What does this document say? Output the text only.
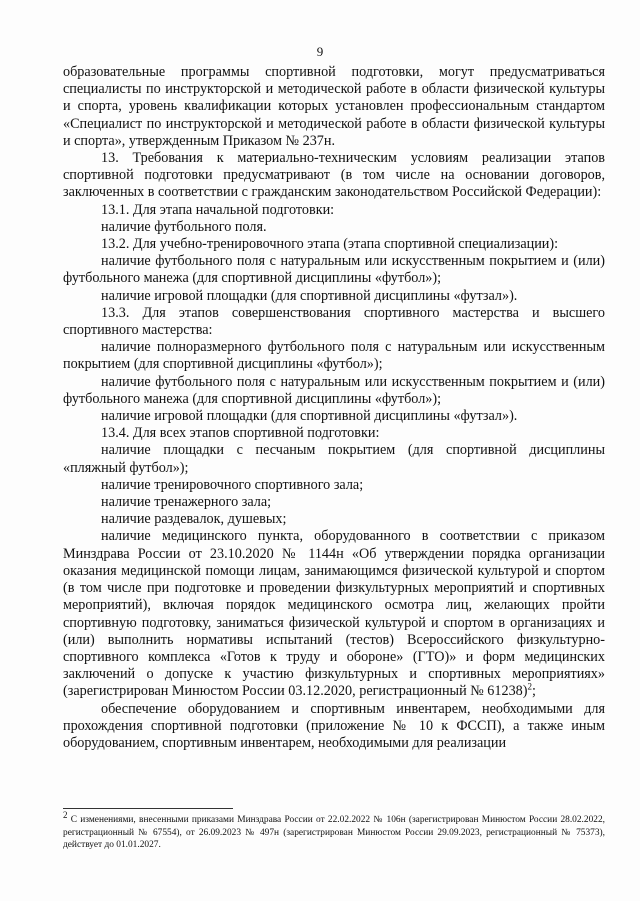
9

образовательные программы спортивной подготовки, могут предусматриваться специалисты по инструкторской и методической работе в области физической культуры и спорта, уровень квалификации которых установлен профессиональным стандартом «Специалист по инструкторской и методической работе в области физической культуры и спорта», утвержденным Приказом № 237н.

13. Требования к материально-техническим условиям реализации этапов спортивной подготовки предусматривают (в том числе на основании договоров, заключенных в соответствии с гражданским законодательством Российской Федерации):

13.1. Для этапа начальной подготовки:

наличие футбольного поля.

13.2. Для учебно-тренировочного этапа (этапа спортивной специализации):

наличие футбольного поля с натуральным или искусственным покрытием и (или) футбольного манежа (для спортивной дисциплины «футбол»);

наличие игровой площадки (для спортивной дисциплины «футзал»).

13.3. Для этапов совершенствования спортивного мастерства и высшего спортивного мастерства:

наличие полноразмерного футбольного поля с натуральным или искусственным покрытием (для спортивной дисциплины «футбол»);

наличие футбольного поля с натуральным или искусственным покрытием и (или) футбольного манежа (для спортивной дисциплины «футбол»);

наличие игровой площадки (для спортивной дисциплины «футзал»).

13.4. Для всех этапов спортивной подготовки:

наличие площадки с песчаным покрытием (для спортивной дисциплины «пляжный футбол»);

наличие тренировочного спортивного зала;

наличие тренажерного зала;

наличие раздевалок, душевых;

наличие медицинского пункта, оборудованного в соответствии с приказом Минздрава России от 23.10.2020 № 1144н «Об утверждении порядка организации оказания медицинской помощи лицам, занимающимся физической культурой и спортом (в том числе при подготовке и проведении физкультурных мероприятий и спортивных мероприятий), включая порядок медицинского осмотра лиц, желающих пройти спортивную подготовку, заниматься физической культурой и спортом в организациях и (или) выполнить нормативы испытаний (тестов) Всероссийского физкультурно-спортивного комплекса «Готов к труду и обороне» (ГТО)» и форм медицинских заключений о допуске к участию физкультурных и спортивных мероприятиях» (зарегистрирован Минюстом России 03.12.2020, регистрационный № 61238)$^2$;

обеспечение оборудованием и спортивным инвентарем, необходимыми для прохождения спортивной подготовки (приложение № 10 к ФССП), а также иным оборудованием, спортивным инвентарем, необходимыми для реализации

2 С изменениями, внесенными приказами Минздрава России от 22.02.2022 № 106н (зарегистрирован Минюстом России 28.02.2022, регистрационный № 67554), от 26.09.2023 № 497н (зарегистрирован Минюстом России 29.09.2023, регистрационный № 75373), действует до 01.01.2027.
